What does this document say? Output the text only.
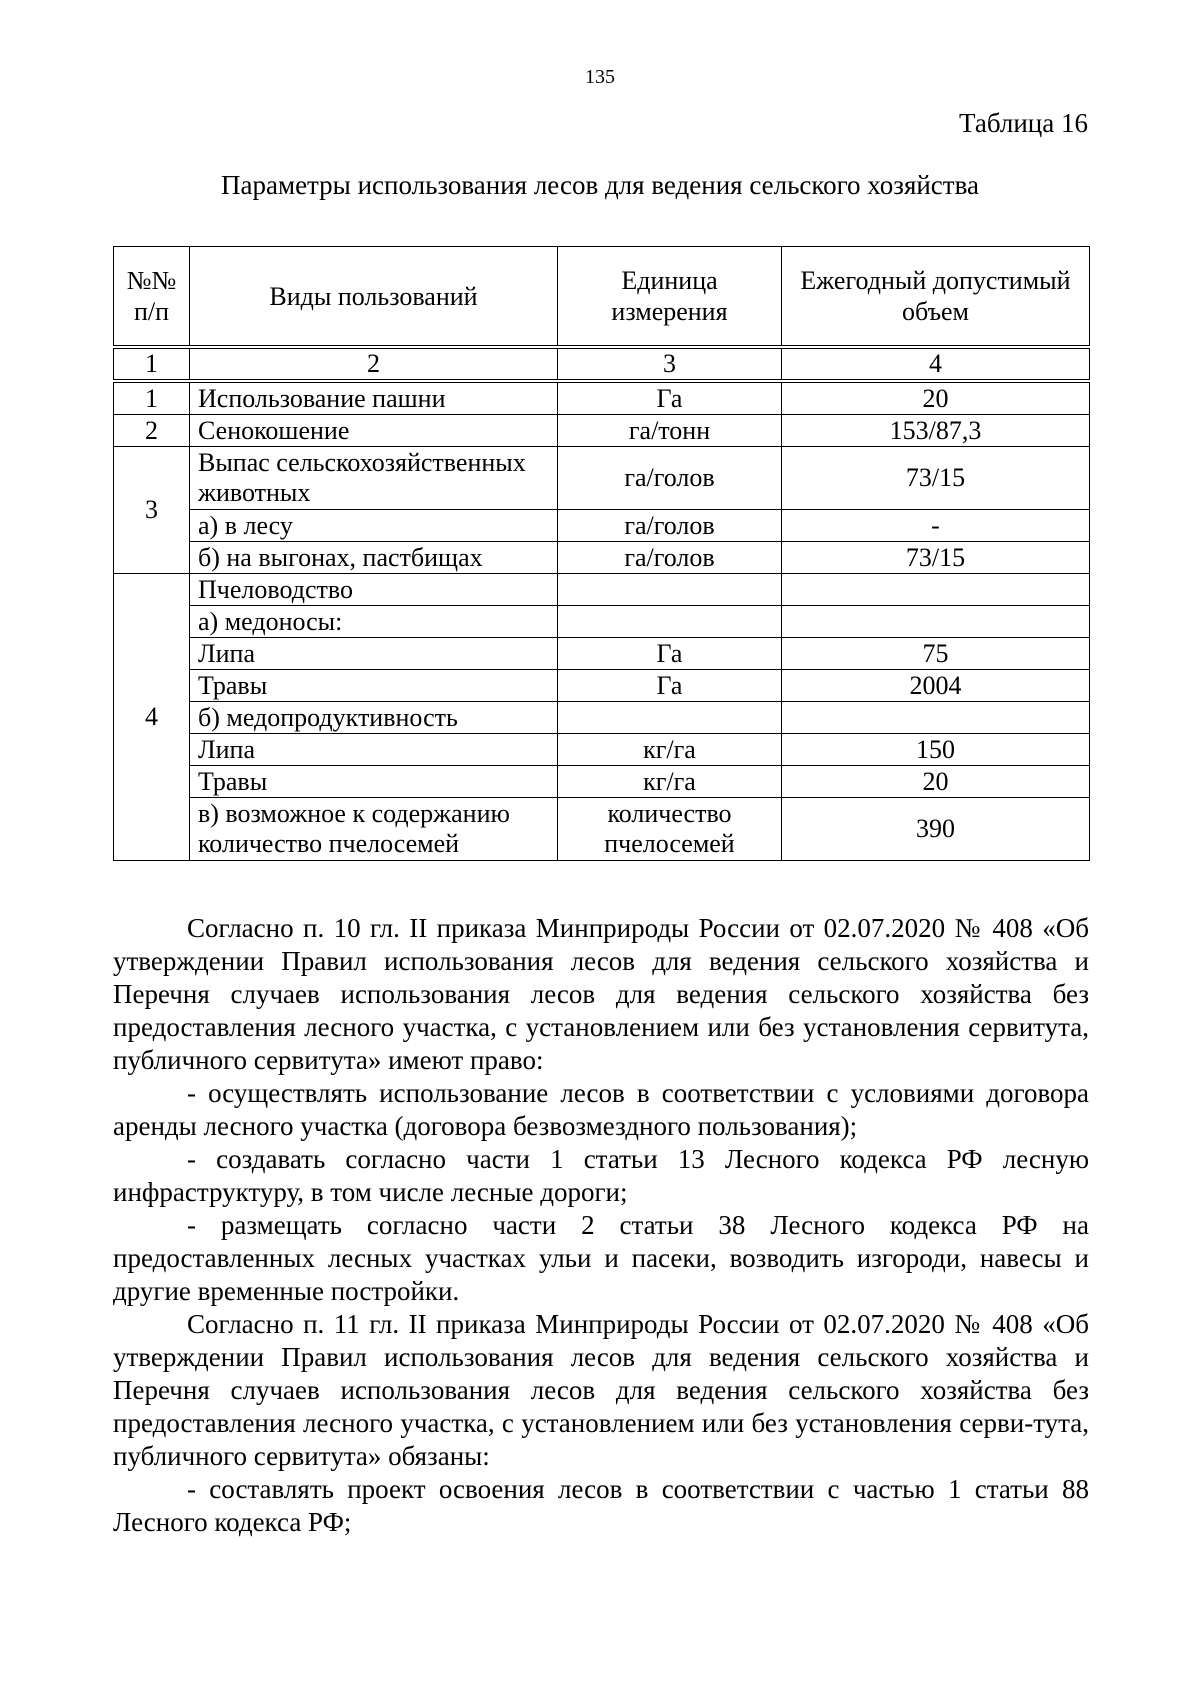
135
Таблица 16
Параметры использования лесов для ведения сельского хозяйства
№№ п/п	Виды пользований	Единица измерения	Ежегодный допустимый объем
1	2	3	4
1	Использование пашни	Га	20
2	Сенокошение	га/тонн	153/87,3
3	Выпас сельскохозяйственных животных	га/голов	73/15
	а) в лесу	га/голов	-
	б) на выгонах, пастбищах	га/голов	73/15
4	Пчеловодство		
	а) медоносы:		
	Липа	Га	75
	Травы	Га	2004
	б) медопродуктивность		
	Липа	кг/га	150
	Травы	кг/га	20
	в) возможное к содержанию количество пчелосемей	количество пчелосемей	390

Согласно п. 10 гл. II приказа Минприроды России от 02.07.2020 № 408 «Об утверждении Правил использования лесов для ведения сельского хозяйства и Перечня случаев использования лесов для ведения сельского хозяйства без предоставления лесного участка, с установлением или без установления сервитута, публичного сервитута» имеют право:

- осуществлять использование лесов в соответствии с условиями договора аренды лесного участка (договора безвозмездного пользования);

- создавать согласно части 1 статьи 13 Лесного кодекса РФ лесную инфраструктуру, в том числе лесные дороги;

- размещать согласно части 2 статьи 38 Лесного кодекса РФ на предоставленных лесных участках ульи и пасеки, возводить изгороди, навесы и другие временные постройки.

Согласно п. 11 гл. II приказа Минприроды России от 02.07.2020 № 408 «Об утверждении Правил использования лесов для ведения сельского хозяйства и Перечня случаев использования лесов для ведения сельского хозяйства без предоставления лесного участка, с установлением или без установления серви-тута, публичного сервитута» обязаны:

- составлять проект освоения лесов в соответствии с частью 1 статьи 88 Лесного кодекса РФ;
